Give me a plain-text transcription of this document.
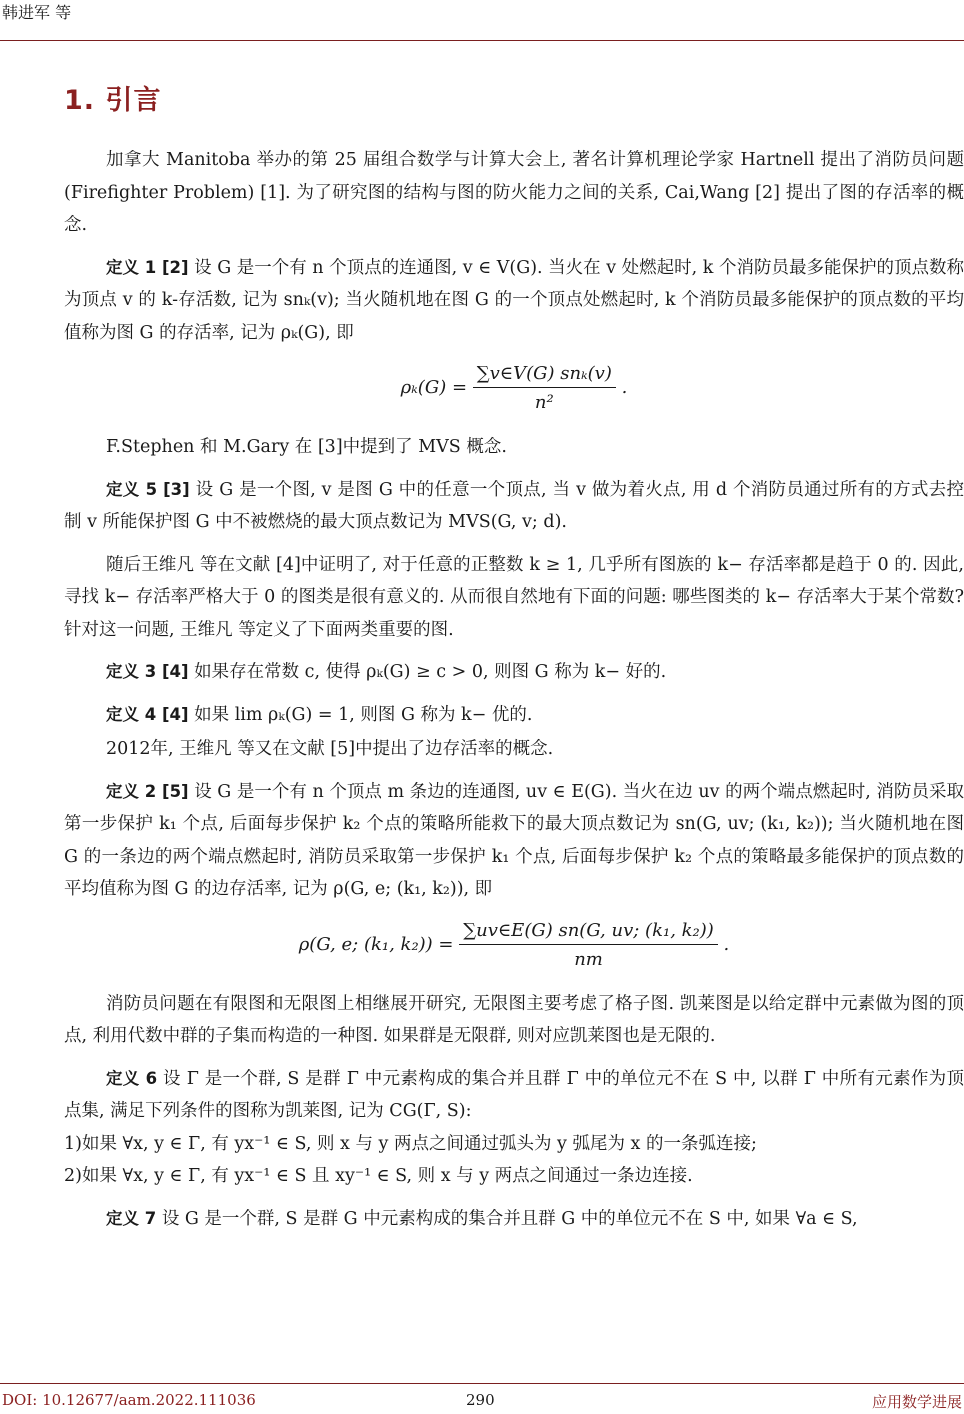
韩进军 等
1. 引言

加拿大 Manitoba 举办的第 25 届组合数学与计算大会上, 著名计算机理论学家 Hartnell 提出了消防员问题(Firefighter Problem) [1]. 为了研究图的结构与图的防火能力之间的关系, Cai,Wang [2] 提出了图的存活率的概念.

定义 1 [2] 设 G 是一个有 n 个顶点的连通图, v ∈ V(G). 当火在 v 处燃起时, k 个消防员最多能保护的顶点数称为顶点 v 的 k-存活数, 记为 snₖ(v); 当火随机地在图 G 的一个顶点处燃起时, k 个消防员最多能保护的顶点数的平均值称为图 G 的存活率, 记为 ρₖ(G), 即

$\rho_k(G) = \frac{\text{∑v∈V(G) snₖ(v)}}{\text{n²}}$ .

F.Stephen 和 M.Gary 在 [3]中提到了 MVS 概念.

定义 5 [3] 设 G 是一个图, v 是图 G 中的任意一个顶点, 当 v 做为着火点, 用 d 个消防员通过所有的方式去控制 v 所能保护图 G 中不被燃烧的最大顶点数记为 MVS(G, v; d).

随后王维凡 等在文献 [4]中证明了, 对于任意的正整数 k ≥ 1, 几乎所有图族的 k− 存活率都是趋于 0 的. 因此, 寻找 k− 存活率严格大于 0 的图类是很有意义的. 从而很自然地有下面的问题: 哪些图类的 k− 存活率大于某个常数? 针对这一问题, 王维凡 等定义了下面两类重要的图.

定义 3 [4] 如果存在常数 c, 使得 ρₖ(G) ≥ c > 0, 则图 G 称为 k− 好的.

定义 4 [4] 如果 lim ρₖ(G) = 1, 则图 G 称为 k− 优的.

2012年, 王维凡 等又在文献 [5]中提出了边存活率的概念.

定义 2 [5] 设 G 是一个有 n 个顶点 m 条边的连通图, uv ∈ E(G). 当火在边 uv 的两个端点燃起时, 消防员采取第一步保护 k₁ 个点, 后面每步保护 k₂ 个点的策略所能救下的最大顶点数记为 sn(G, uv; (k₁, k₂)); 当火随机地在图 G 的一条边的两个端点燃起时, 消防员采取第一步保护 k₁ 个点, 后面每步保护 k₂ 个点的策略最多能保护的顶点数的平均值称为图 G 的边存活率, 记为 ρ(G, e; (k₁, k₂)), 即

ρ(G, e; (k₁, $k_2)) = \frac{\text{∑uv∈E(G) sn(G, uv; (k₁, k₂))}}{nm}$ .

消防员问题在有限图和无限图上相继展开研究, 无限图主要考虑了格子图. 凯莱图是以给定群中元素做为图的顶点, 利用代数中群的子集而构造的一种图. 如果群是无限群, 则对应凯莱图也是无限的.

定义 6 设 Γ 是一个群, S 是群 Γ 中元素构成的集合并且群 Γ 中的单位元不在 S 中, 以群 Γ 中所有元素作为顶点集, 满足下列条件的图称为凯莱图, 记为 CG(Γ, S):

1)如果 ∀x, y ∈ Γ, 有 yx⁻¹ ∈ S, 则 x 与 y 两点之间通过弧头为 y 弧尾为 x 的一条弧连接;

2)如果 ∀x, y ∈ Γ, 有 yx⁻¹ ∈ S 且 xy⁻¹ ∈ S, 则 x 与 y 两点之间通过一条边连接.

定义 7 设 G 是一个群, S 是群 G 中元素构成的集合并且群 G 中的单位元不在 S 中, 如果 ∀a ∈ S,

DOI: 10.12677/aam.2022.111036	290	应用数学进展
